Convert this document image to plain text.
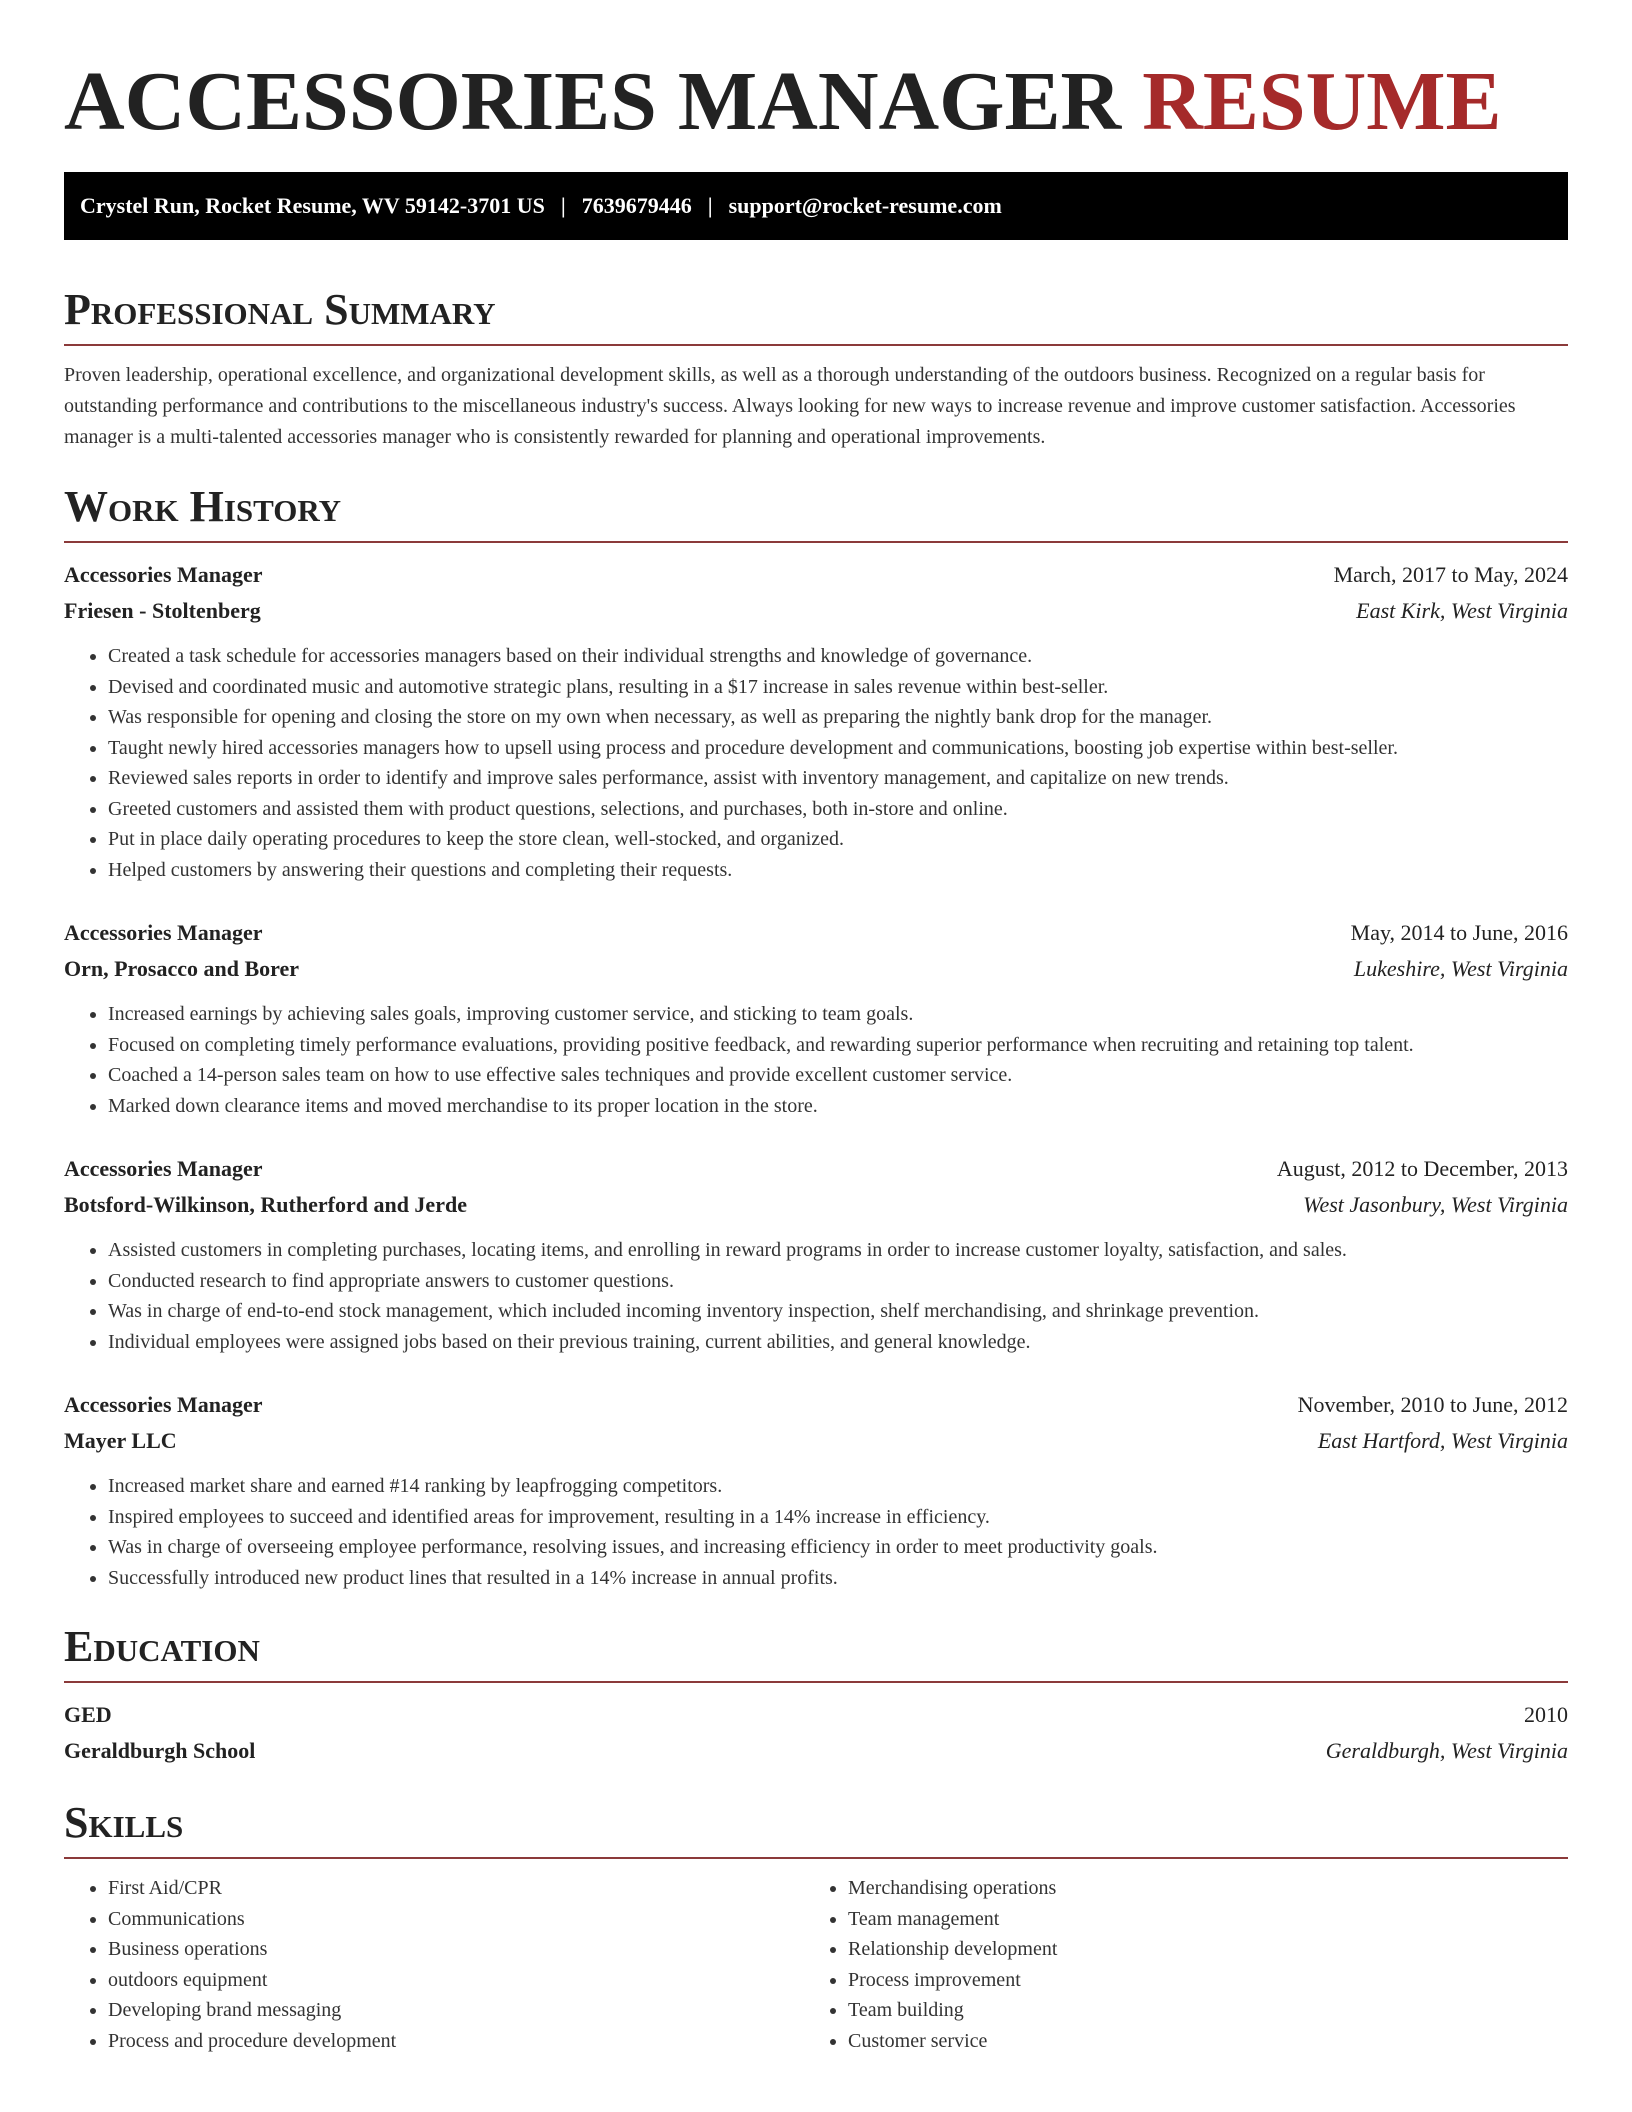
ACCESSORIES MANAGER RESUME
Crystel Run, Rocket Resume, WV 59142-3701 US | 7639679446 | support@rocket-resume.com
Professional Summary

Proven leadership, operational excellence, and organizational development skills, as well as a thorough understanding of the outdoors business. Recognized on a regular basis for outstanding performance and contributions to the miscellaneous industry's success. Always looking for new ways to increase revenue and improve customer satisfaction. Accessories manager is a multi-talented accessories manager who is consistently rewarded for planning and operational improvements.

Work History
Accessories Manager	March, 2017 to May, 2024
Friesen - Stoltenberg	East Kirk, West Virginia
• Created a task schedule for accessories managers based on their individual strengths and knowledge of governance.
• Devised and coordinated music and automotive strategic plans, resulting in a $17 increase in sales revenue within best-seller.
• Was responsible for opening and closing the store on my own when necessary, as well as preparing the nightly bank drop for the manager.
• Taught newly hired accessories managers how to upsell using process and procedure development and communications, boosting job expertise within best-seller.
• Reviewed sales reports in order to identify and improve sales performance, assist with inventory management, and capitalize on new trends.
• Greeted customers and assisted them with product questions, selections, and purchases, both in-store and online.
• Put in place daily operating procedures to keep the store clean, well-stocked, and organized.
• Helped customers by answering their questions and completing their requests.
Accessories Manager	May, 2014 to June, 2016
Orn, Prosacco and Borer	Lukeshire, West Virginia
• Increased earnings by achieving sales goals, improving customer service, and sticking to team goals.
• Focused on completing timely performance evaluations, providing positive feedback, and rewarding superior performance when recruiting and retaining top talent.
• Coached a 14-person sales team on how to use effective sales techniques and provide excellent customer service.
• Marked down clearance items and moved merchandise to its proper location in the store.
Accessories Manager	August, 2012 to December, 2013
Botsford-Wilkinson, Rutherford and Jerde	West Jasonbury, West Virginia
• Assisted customers in completing purchases, locating items, and enrolling in reward programs in order to increase customer loyalty, satisfaction, and sales.
• Conducted research to find appropriate answers to customer questions.
• Was in charge of end-to-end stock management, which included incoming inventory inspection, shelf merchandising, and shrinkage prevention.
• Individual employees were assigned jobs based on their previous training, current abilities, and general knowledge.
Accessories Manager	November, 2010 to June, 2012
Mayer LLC	East Hartford, West Virginia
• Increased market share and earned #14 ranking by leapfrogging competitors.
• Inspired employees to succeed and identified areas for improvement, resulting in a 14% increase in efficiency.
• Was in charge of overseeing employee performance, resolving issues, and increasing efficiency in order to meet productivity goals.
• Successfully introduced new product lines that resulted in a 14% increase in annual profits.
Education
GED	2010
Geraldburgh School	Geraldburgh, West Virginia
Skills
• First Aid/CPR
• Communications
• Business operations
• outdoors equipment
• Developing brand messaging
• Process and procedure development
• Merchandising operations
• Team management
• Relationship development
• Process improvement
• Team building
• Customer service
